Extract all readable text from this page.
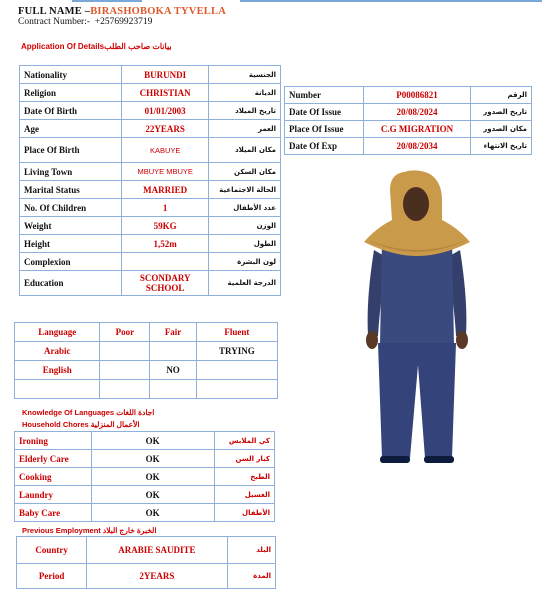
FULL NAME –BIRASHOBOKA TYVELLA
Contract Number:- +25769923719
Application Of Detailsبيانات صاحب الطلب
Nationality	BURUNDI	الجنسية
Religion	CHRISTIAN	الديانة
Date Of Birth	01/01/2003	تاريخ الميلاد
Age	22YEARS	العمر
Place Of Birth	KABUYE	مكان الميلاد
Living Town	MBUYE MBUYE	مكان السكن
Marital Status	MARRIED	الحالة الاجتماعية
No. Of Children	1	عدد الأطفال
Weight	59KG	الوزن
Height	1,52m	الطول
Complexion		لون البشرة
Education	SCONDARY SCHOOL	الدرجة العلمية
Number	P00086821	الرقم
Date Of Issue	20/08/2024	تاريخ الصدور
Place Of Issue	C.G MIGRATION	مكان الصدور
Date Of Exp	20/08/2034	تاريخ الانتهاء
Language	Poor	Fair	Fluent
Arabic			TRYING
English		NO	

Knowledge Of Languages اجادة اللغات
Household Chores الأعمال المنزلية
Ironing	OK	كي الملابس
Elderly Care	OK	كبار السن
Cooking	OK	الطبخ
Laundry	OK	الغسيل
Baby Care	OK	الأطفال
Previous Employment الخبرة خارج البلاد
Country	ARABIE SAUDITE	البلد
Period	2YEARS	المدة
